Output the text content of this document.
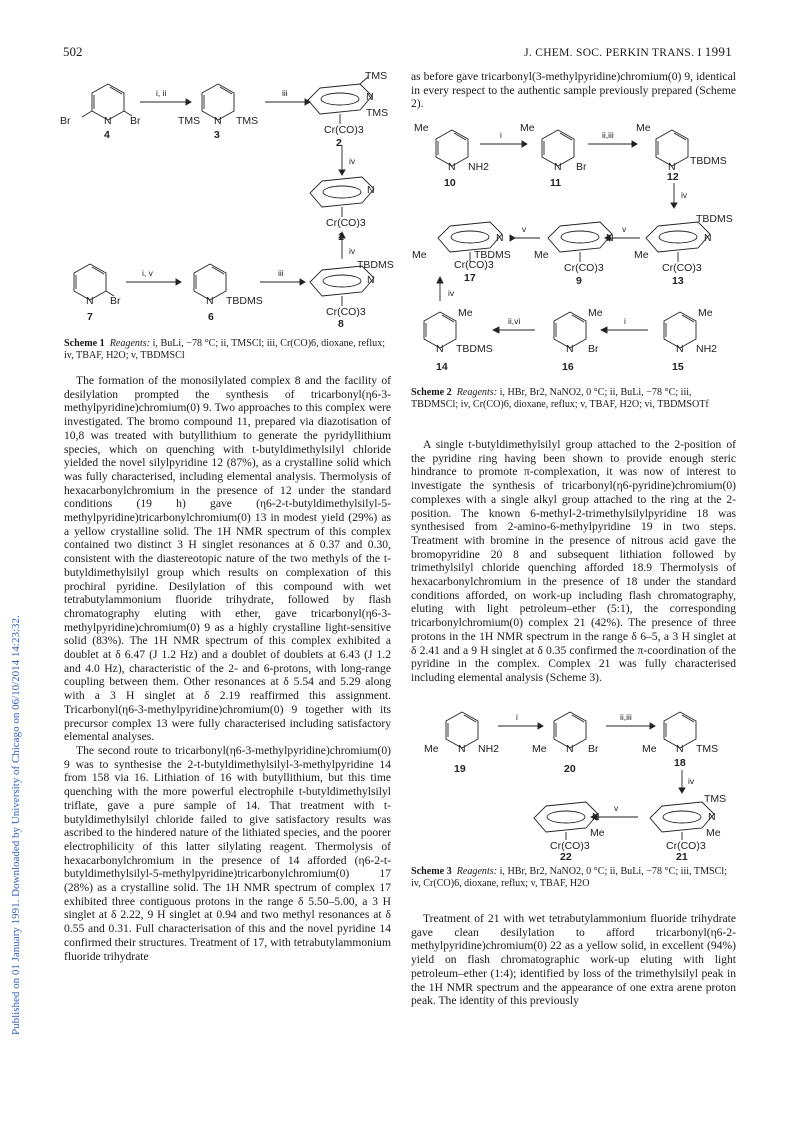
502	J. CHEM. SOC. PERKIN TRANS. I 1991
Published on 01 January 1991. Downloaded by University of Chicago on 06/10/2014 14:23:32.
Br	N Br
4
i, ii
TMS N TMS
3
iii
TMS
N
TMS
Cr(CO)3
2
iv
N
Cr(CO)3
1
iv
TBDMS
N
Cr(CO)3
8
N Br
7
i, v
N TBDMS
6
iii
Scheme 1 Reagents: i, BuLi, −78 °C; ii, TMSCl; iii, Cr(CO)6, dioxane, reflux; iv, TBAF, H2O; v, TBDMSCl

The formation of the monosilylated complex 8 and the facility of desilylation prompted the synthesis of tricarbonyl(η6-3-methylpyridine)chromium(0) 9. Two approaches to this complex were investigated. The bromo compound 11, prepared via diazotisation of 10,8 was treated with butyllithium to generate the pyridyllithium species, which on quenching with t-butyldimethylsilyl chloride yielded the novel silylpyridine 12 (87%), as a crystalline solid which was fully characterised, including elemental analysis. Thermolysis of hexacarbonylchromium in the presence of 12 under the standard conditions (19 h) gave (η6-2-t-butyldimethylsilyl-5-methylpyridine)tricarbonylchromium(0) 13 in modest yield (29%) as a yellow crystalline solid. The 1H NMR spectrum of this complex contained two distinct 3 H singlet resonances at δ 0.37 and 0.30, consistent with the diastereotopic nature of the two methyls of the t-butyldimethylsilyl group which results on complexation of this prochiral pyridine. Desilylation of this compound with wet tetrabutylammonium fluoride trihydrate, followed by flash chromatography eluting with ether, gave tricarbonyl(η6-3-methylpyridine)chromium(0) 9 as a highly crystalline light-sensitive solid (83%). The 1H NMR spectrum of this complex exhibited a doublet at δ 6.47 (J 1.2 Hz) and a doublet of doublets at 6.43 (J 1.2 and 4.0 Hz), characteristic of the 2- and 6-protons, with long-range coupling between them. Other resonances at δ 5.54 and 5.29 along with a 3 H singlet at δ 2.19 reaffirmed this assignment. Tricarbonyl(η6-3-methylpyridine)chromium(0) 9 together with its precursor complex 13 were fully characterised including satisfactory elemental analyses.

The second route to tricarbonyl(η6-3-methylpyridine)chromium(0) 9 was to synthesise the 2-t-butyldimethylsilyl-3-methylpyridine 14 from 158 via 16. Lithiation of 16 with butyllithium, but this time quenching with the more powerful electrophile t-butyldimethylsilyl triflate, gave a pure sample of 14. That treatment with t-butyldimethylsilyl chloride failed to give satisfactory results was ascribed to the hindered nature of the lithiated species, and the poorer electrophilicity of this latter silylating reagent. Thermolysis of hexacarbonylchromium in the presence of 14 afforded (η6-2-t-butyldimethylsilyl-5-methylpyridine)tricarbonylchromium(0) 17 (28%) as a crystalline solid. The 1H NMR spectrum of complex 17 exhibited three contiguous protons in the range δ 5.50–5.00, a 3 H singlet at δ 2.22, 9 H singlet at 0.94 and two methyl resonances at δ 0.55 and 0.31. Full characterisation of this and the novel pyridine 14 confirmed their structures. Treatment of 17, with tetrabutylammonium fluoride trihydrate

as before gave tricarbonyl(3-methylpyridine)chromium(0) 9, identical in every respect to the authentic sample previously prepared (Scheme 2).

Me
N NH2
10
i
Me
N Br
11
ii,iii
Me
N TBDMS
12
iv
TBDMS
N
Me
Cr(CO)3
13
v
N
Me
Cr(CO)3
9
v
N
TBDMS
Me
Cr(CO)3
17
iv
Me
N TBDMS
14
ii,vi
Me
N Br
16
i
Me
N NH2
15
Scheme 2 Reagents: i, HBr, Br2, NaNO2, 0 °C; ii, BuLi, −78 °C; iii, TBDMSCl; iv, Cr(CO)6, dioxane, reflux; v, TBAF, H2O; vi, TBDMSOTf

A single t-butyldimethylsilyl group attached to the 2-position of the pyridine ring having been shown to provide enough steric hindrance to promote π-complexation, it was now of interest to investigate the synthesis of tricarbonyl(η6-pyridine)chromium(0) complexes with a single alkyl group attached to the ring at the 2-position. The known 6-methyl-2-trimethylsilylpyridine 18 was synthesised from 2-amino-6-methylpyridine 19 in two steps. Treatment with bromine in the presence of nitrous acid gave the bromopyridine 20 8 and subsequent lithiation followed by trimethylsilyl chloride quenching afforded 18.9 Thermolysis of hexacarbonylchromium in the presence of 18 under the standard conditions afforded, on work-up including flash chromatography, eluting with light petroleum–ether (5:1), the corresponding tricarbonylchromium(0) complex 21 (42%). The presence of three protons in the 1H NMR spectrum in the range δ 6–5, a 3 H singlet at δ 2.41 and a 9 H singlet at δ 0.35 confirmed the π-coordination of the pyridine in the complex. Complex 21 was fully characterised including elemental analysis (Scheme 3).

Me N NH2
19
i
Me N Br
20
ii,iii
Me N TMS
18
iv
TMS
N
Me
Cr(CO)3
21
v
N
Me
Cr(CO)3
22
Scheme 3 Reagents: i, HBr, Br2, NaNO2, 0 °C; ii, BuLi, −78 °C; iii, TMSCl; iv, Cr(CO)6, dioxane, reflux; v, TBAF, H2O

Treatment of 21 with wet tetrabutylammonium fluoride trihydrate gave clean desilylation to afford tricarbonyl(η6-2-methylpyridine)chromium(0) 22 as a yellow solid, in excellent (94%) yield on flash chromatographic work-up eluting with light petroleum–ether (1:4); identified by loss of the trimethylsilyl peak in the 1H NMR spectrum and the appearance of one extra arene proton peak. The identity of this previously
